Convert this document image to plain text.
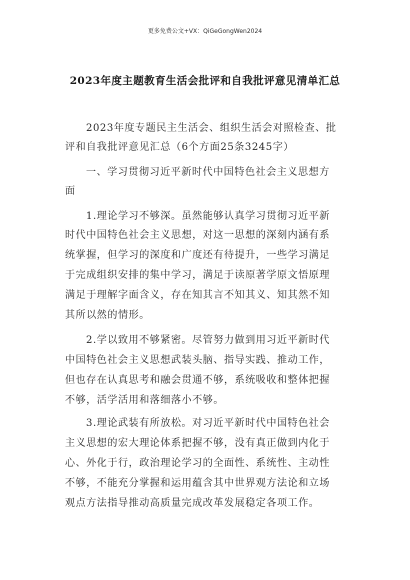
更多免费公文+VX：QiGeGongWen2024
2023年度主题教育生活会批评和自我批评意见清单汇总
2023年度专题民主生活会、组织生活会对照检查、批
评和自我批评意见汇总（6个方面25条3245字）
一、学习贯彻习近平新时代中国特色社会主义思想方
面
1.理论学习不够深。虽然能够认真学习贯彻习近平新
时代中国特色社会主义思想，对这一思想的深刻内涵有系
统掌握，但学习的深度和广度还有待提升，一些学习满足
于完成组织安排的集中学习，满足于读原著学原文悟原理
满足于理解字面含义，存在知其言不知其义、知其然不知
其所以然的情形。
2.学以致用不够紧密。尽管努力做到用习近平新时代
中国特色社会主义思想武装头脑、指导实践、推动工作，
但也存在认真思考和融会贯通不够，系统吸收和整体把握
不够，活学活用和落细落小不够。
3.理论武装有所放松。对习近平新时代中国特色社会
主义思想的宏大理论体系把握不够，没有真正做到内化于
心、外化于行，政治理论学习的全面性、系统性、主动性
不够，不能充分掌握和运用蕴含其中世界观方法论和立场
观点方法指导推动高质量完成改革发展稳定各项工作。
